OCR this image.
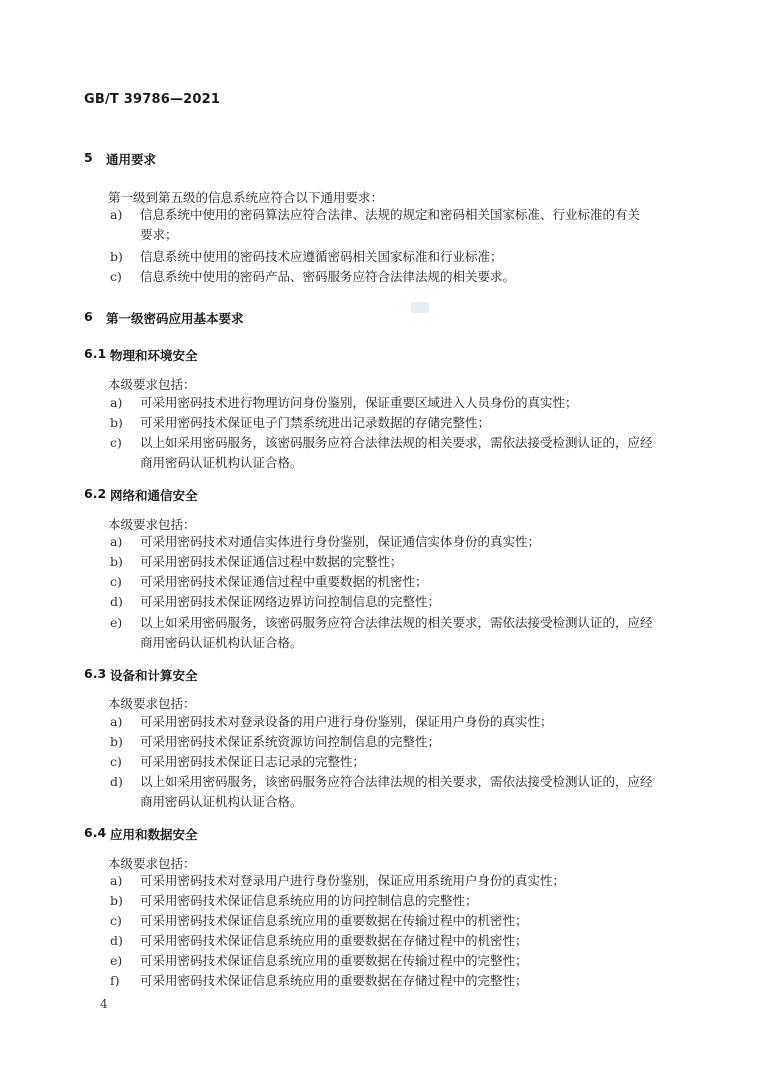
GB/T 39786—2021
5	通用要求
第一级到第五级的信息系统应符合以下通用要求：
a)	信息系统中使用的密码算法应符合法律、法规的规定和密码相关国家标准、行业标准的有关
要求；
b)	信息系统中使用的密码技术应遵循密码相关国家标准和行业标准；
c)	信息系统中使用的密码产品、密码服务应符合法律法规的相关要求。
6	第一级密码应用基本要求
6.1 物理和环境安全
本级要求包括：
a)	可采用密码技术进行物理访问身份鉴别，保证重要区域进入人员身份的真实性；
b)	可采用密码技术保证电子门禁系统进出记录数据的存储完整性；
c)	以上如采用密码服务，该密码服务应符合法律法规的相关要求，需依法接受检测认证的，应经
商用密码认证机构认证合格。
6.2 网络和通信安全
本级要求包括：
a)	可采用密码技术对通信实体进行身份鉴别，保证通信实体身份的真实性；
b)	可采用密码技术保证通信过程中数据的完整性；
c)	可采用密码技术保证通信过程中重要数据的机密性；
d)	可采用密码技术保证网络边界访问控制信息的完整性；
e)	以上如采用密码服务，该密码服务应符合法律法规的相关要求，需依法接受检测认证的，应经
商用密码认证机构认证合格。
6.3 设备和计算安全
本级要求包括：
a)	可采用密码技术对登录设备的用户进行身份鉴别，保证用户身份的真实性；
b)	可采用密码技术保证系统资源访问控制信息的完整性；
c)	可采用密码技术保证日志记录的完整性；
d)	以上如采用密码服务，该密码服务应符合法律法规的相关要求，需依法接受检测认证的，应经
商用密码认证机构认证合格。
6.4 应用和数据安全
本级要求包括：
a)	可采用密码技术对登录用户进行身份鉴别，保证应用系统用户身份的真实性；
b)	可采用密码技术保证信息系统应用的访问控制信息的完整性；
c)	可采用密码技术保证信息系统应用的重要数据在传输过程中的机密性；
d)	可采用密码技术保证信息系统应用的重要数据在存储过程中的机密性；
e)	可采用密码技术保证信息系统应用的重要数据在传输过程中的完整性；
f)	可采用密码技术保证信息系统应用的重要数据在存储过程中的完整性；
4
